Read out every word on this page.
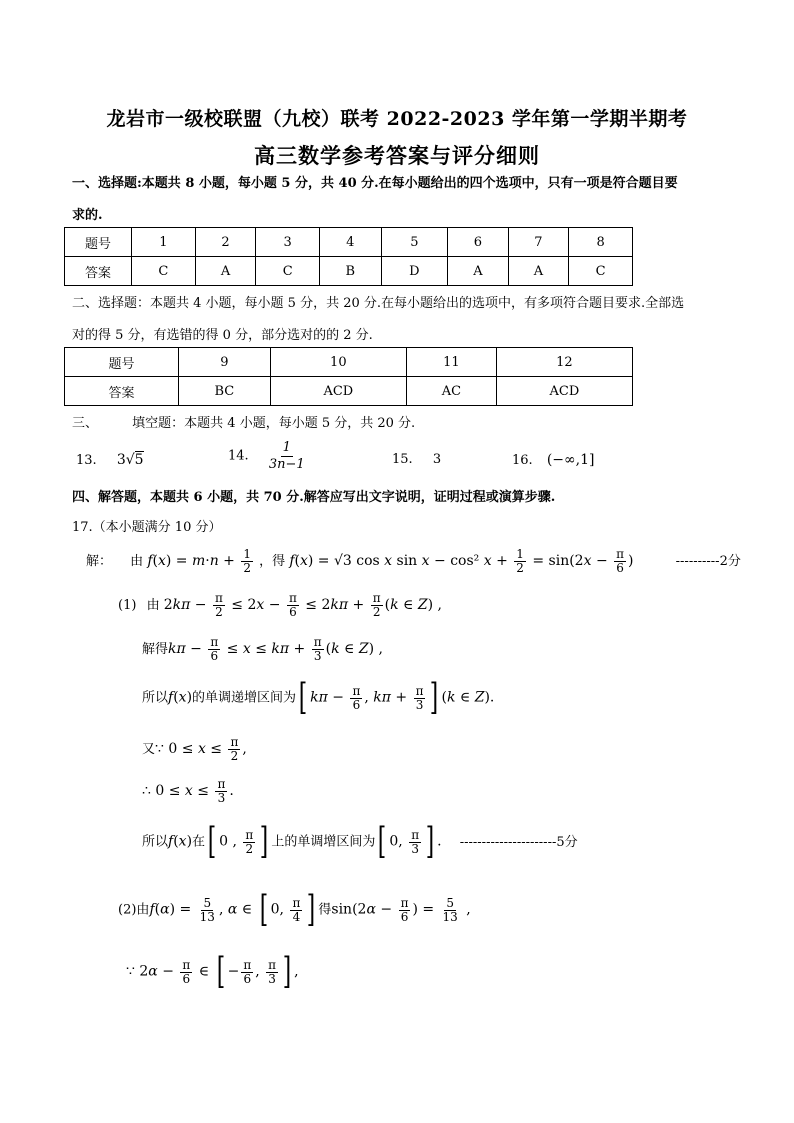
龙岩市一级校联盟（九校）联考 2022-2023 学年第一学期半期考
高三数学参考答案与评分细则
一、选择题:本题共 8 小题，每小题 5 分，共 40 分.在每小题给出的四个选项中，只有一项是符合题目要
求的.
题号	1	2	3	4	5	6	7	8
答案	C	A	C	B	D	A	A	C
二、选择题：本题共 4 小题，每小题 5 分，共 20 分.在每小题给出的选项中，有多项符合题目要求.全部选
对的得 5 分，有选错的得 0 分，部分选对的的 2 分.
题号	9	10	11	12
答案	BC	ACD	AC	ACD
三、	填空题：本题共 4 小题，每小题 5 分，共 20 分.
13. 3√5	14. $\frac{1}{3n-1}$	15. 3	16. (−∞,1]
四、解答题，本题共 6 小题，共 70 分.解答应写出文字说明，证明过程或演算步骤.
17.（本小题满分 10 分）
解： 由 $f(x) = m\cdot n + \frac{1}{2}$ ，得 f(x) = √3 cos x sin x − cos² $x + \frac{1}{2} = \sin(2x - \frac{\pi}{6}$ )	----------2分
(1) 由 $2k\pi - \frac{\pi}{2} \le 2x - \frac{\pi}{6} \le 2k\pi + \frac{\pi}{2} (k$ ∈ Z) ,
解得$k\pi - \frac{\pi}{6} \le x \le k\pi + \frac{\pi}{3} (k$ ∈ Z) ,
所以f(x)的单调递增区间为[ $k\pi - \frac{\pi}{6}$ , $k\pi + \frac{\pi}{3}$ ] (k ∈ Z).
又∵ $0 \le x \le \frac{\pi}{2}$ ,
∴ $0 \le x \le \frac{\pi}{3}$ .
所以f(x)在[ 0 , $\frac{\pi}{2}$ ] 上的单调增区间为[ 0, $\frac{\pi}{3}$ ] . ----------------------5分
(2)由$f(\alpha) = \frac{5}{13}$ , α ∈ [ 0, $\frac{\pi}{4}$ ] 得$\sin(2\alpha - \frac{\pi}{6}$ ) = $\frac{5}{13}$ ,
∵ $2\alpha - \frac{\pi}{6}$ ∈ [ − $\frac{\pi}{6}$ , $\frac{\pi}{3}$ ] ,
